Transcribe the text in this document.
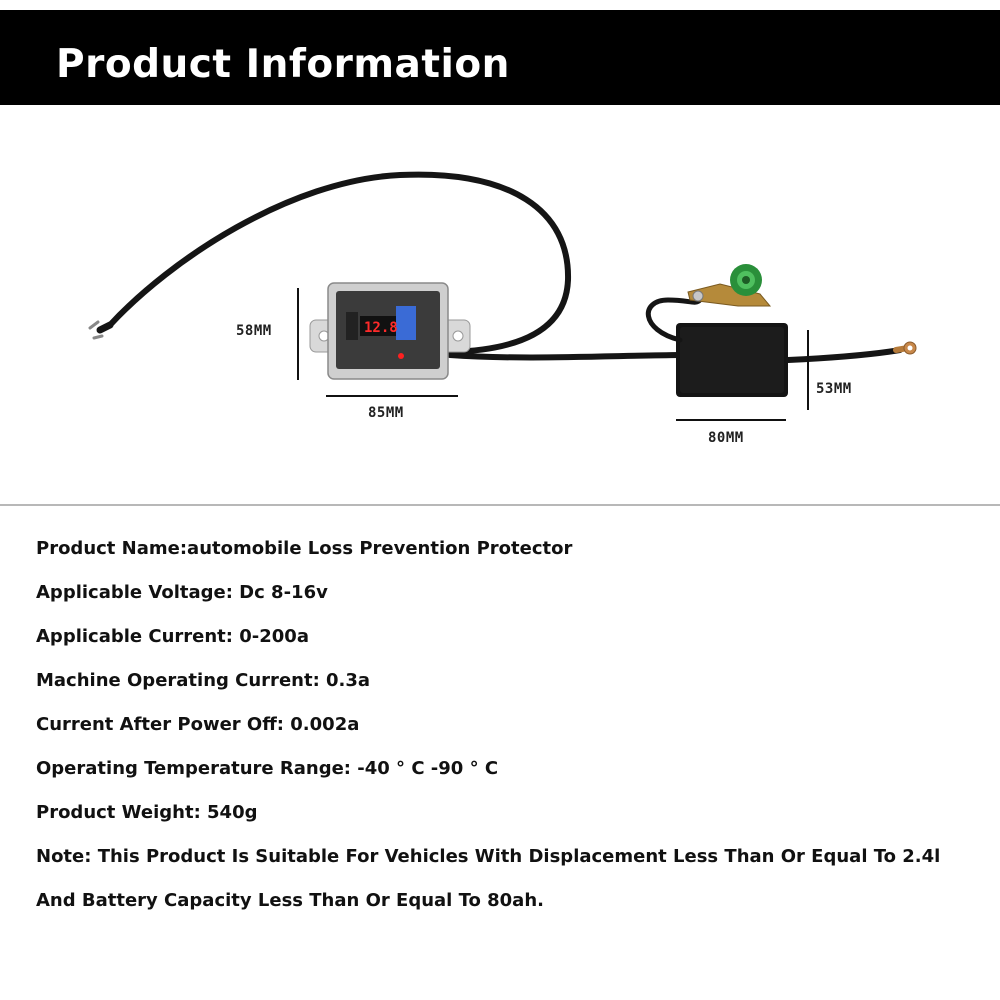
Product Information
12.8
58MM
85MM
80MM
53MM
Product Name:automobile Loss Prevention Protector
Applicable Voltage: Dc 8-16v
Applicable Current: 0-200a
Machine Operating Current: 0.3a
Current After Power Off: 0.002a
Operating Temperature Range: -40 ° C -90 ° C
Product Weight: 540g
Note: This Product Is Suitable For Vehicles With Displacement Less Than Or Equal To 2.4l
And Battery Capacity Less Than Or Equal To 80ah.
